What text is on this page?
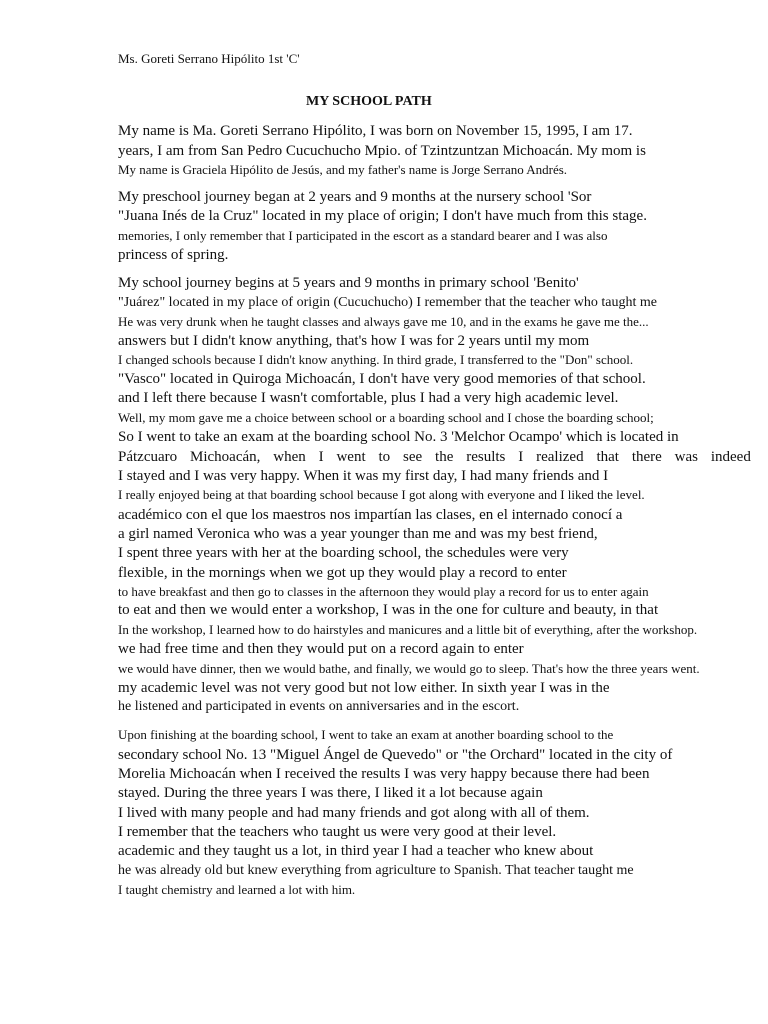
Ms. Goreti Serrano Hipólito 1st 'C'

MY SCHOOL PATH

My name is Ma. Goreti Serrano Hipólito, I was born on November 15, 1995, I am 17.

years, I am from San Pedro Cucuchucho Mpio. of Tzintzuntzan Michoacán. My mom is

My name is Graciela Hipólito de Jesús, and my father's name is Jorge Serrano Andrés.

My preschool journey began at 2 years and 9 months at the nursery school 'Sor

"Juana Inés de la Cruz" located in my place of origin; I don't have much from this stage.

memories, I only remember that I participated in the escort as a standard bearer and I was also

princess of spring.

My school journey begins at 5 years and 9 months in primary school 'Benito'

"Juárez" located in my place of origin (Cucuchucho) I remember that the teacher who taught me

He was very drunk when he taught classes and always gave me 10, and in the exams he gave me the...

answers but I didn't know anything, that's how I was for 2 years until my mom

I changed schools because I didn't know anything. In third grade, I transferred to the "Don" school.

"Vasco" located in Quiroga Michoacán, I don't have very good memories of that school.

and I left there because I wasn't comfortable, plus I had a very high academic level.

Well, my mom gave me a choice between school or a boarding school and I chose the boarding school;

So I went to take an exam at the boarding school No. 3 'Melchor Ocampo' which is located in

Pátzcuaro Michoacán, when I went to see the results I realized that there was indeed

I stayed and I was very happy. When it was my first day, I had many friends and I

I really enjoyed being at that boarding school because I got along with everyone and I liked the level.

académico con el que los maestros nos impartían las clases, en el internado conocí a

a girl named Veronica who was a year younger than me and was my best friend,

I spent three years with her at the boarding school, the schedules were very

flexible, in the mornings when we got up they would play a record to enter

to have breakfast and then go to classes in the afternoon they would play a record for us to enter again

to eat and then we would enter a workshop, I was in the one for culture and beauty, in that

In the workshop, I learned how to do hairstyles and manicures and a little bit of everything, after the workshop.

we had free time and then they would put on a record again to enter

we would have dinner, then we would bathe, and finally, we would go to sleep. That's how the three years went.

my academic level was not very good but not low either. In sixth year I was in the

he listened and participated in events on anniversaries and in the escort.

Upon finishing at the boarding school, I went to take an exam at another boarding school to the

secondary school No. 13 "Miguel Ángel de Quevedo" or "the Orchard" located in the city of

Morelia Michoacán when I received the results I was very happy because there had been

stayed. During the three years I was there, I liked it a lot because again

I lived with many people and had many friends and got along with all of them.

I remember that the teachers who taught us were very good at their level.

academic and they taught us a lot, in third year I had a teacher who knew about

he was already old but knew everything from agriculture to Spanish. That teacher taught me

I taught chemistry and learned a lot with him.
